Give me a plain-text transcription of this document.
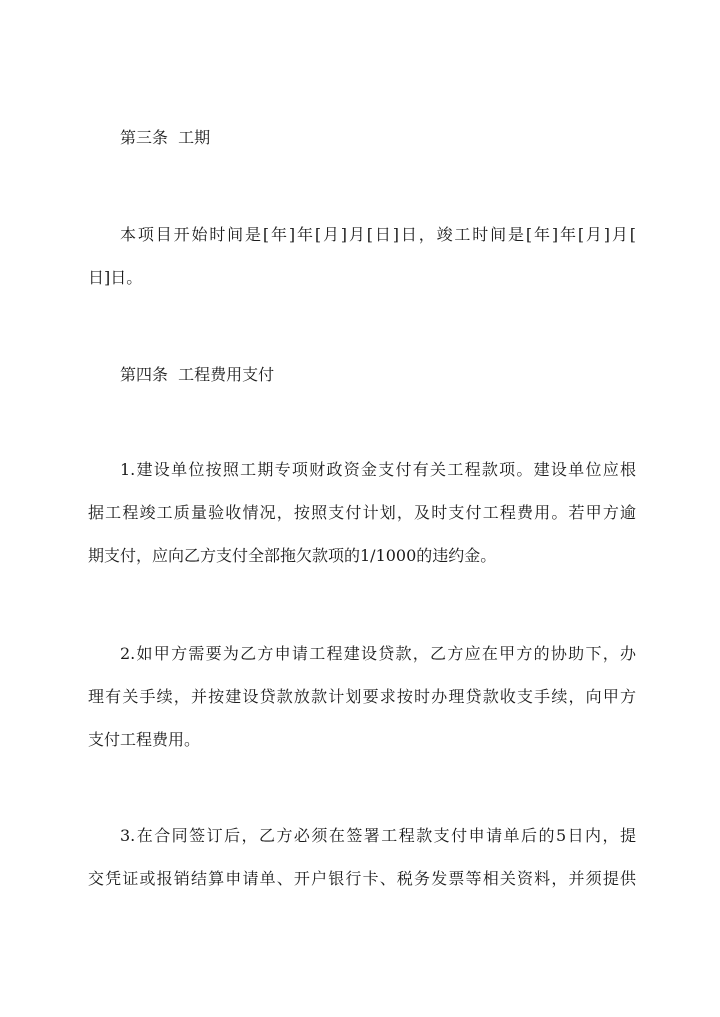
第三条  工期
本项目开始时间是[年]年[月]月[日]日，竣工时间是[年]年[月]月[
日]日。
第四条  工程费用支付
1.建设单位按照工期专项财政资金支付有关工程款项。建设单位应根
据工程竣工质量验收情况，按照支付计划，及时支付工程费用。若甲方逾
期支付，应向乙方支付全部拖欠款项的1/1000的违约金。
2.如甲方需要为乙方申请工程建设贷款，乙方应在甲方的协助下，办
理有关手续，并按建设贷款放款计划要求按时办理贷款收支手续，向甲方
支付工程费用。
3.在合同签订后，乙方必须在签署工程款支付申请单后的5日内，提
交凭证或报销结算申请单、开户银行卡、税务发票等相关资料，并须提供
